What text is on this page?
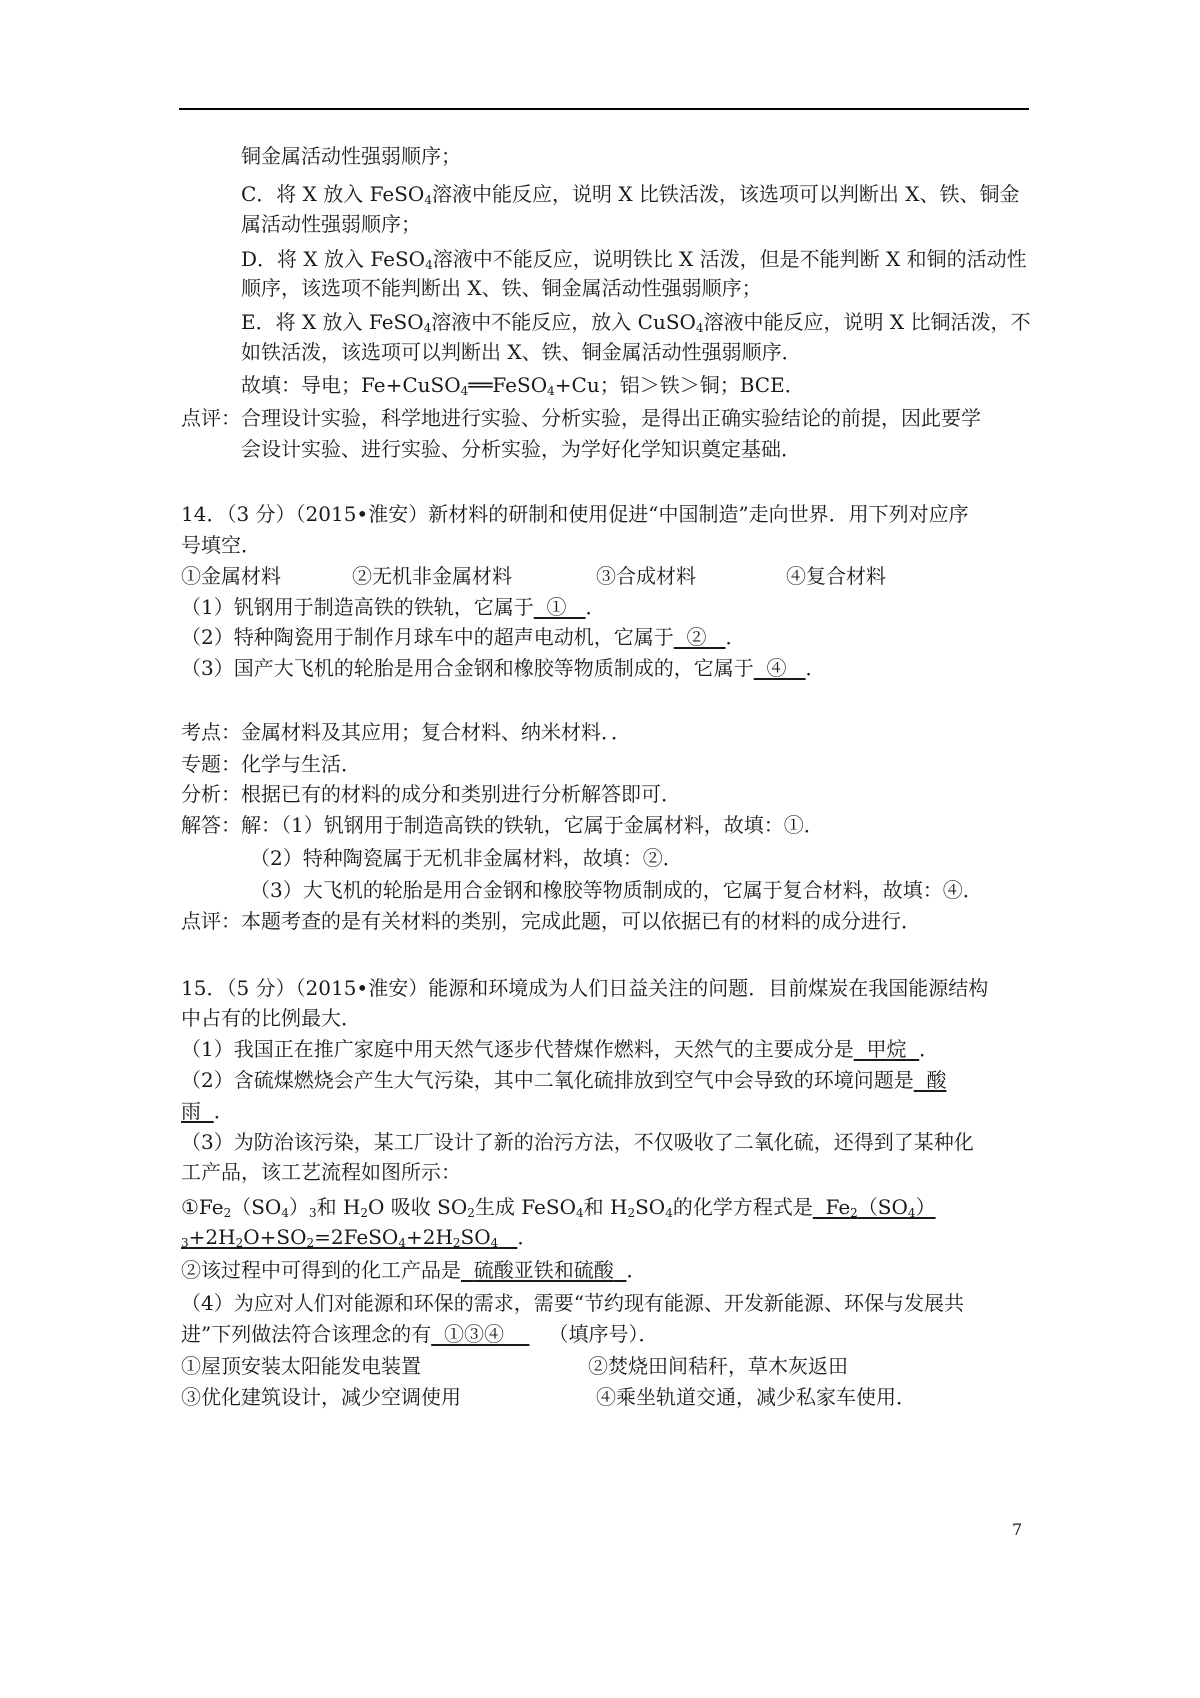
铜金属活动性强弱顺序；
C．将 X 放入 FeSO$_4$溶液中能反应，说明 X 比铁活泼，该选项可以判断出 X、铁、铜金
属活动性强弱顺序；
D．将 X 放入 FeSO$_4$溶液中不能反应，说明铁比 X 活泼，但是不能判断 X 和铜的活动性
顺序，该选项不能判断出 X、铁、铜金属活动性强弱顺序；
E．将 X 放入 FeSO$_4$溶液中不能反应，放入 CuSO$_4$溶液中能反应，说明 X 比铜活泼，不
如铁活泼，该选项可以判断出 X、铁、铜金属活动性强弱顺序．
故填：导电；Fe+CuSO$_4$══FeSO$_4$+Cu；铝＞铁＞铜；BCE．
点评：合理设计实验，科学地进行实验、分析实验，是得出正确实验结论的前提，因此要学
会设计实验、进行实验、分析实验，为学好化学知识奠定基础．
14．（3 分）（2015•淮安）新材料的研制和使用促进“中国制造”走向世界．用下列对应序
号填空．
①金属材料	②无机非金属材料	③合成材料	④复合材料
（1）钒钢用于制造高铁的铁轨，它属于 ① ．
（2）特种陶瓷用于制作月球车中的超声电动机，它属于 ② ．
（3）国产大飞机的轮胎是用合金钢和橡胶等物质制成的，它属于 ④ ．
考点：金属材料及其应用；复合材料、纳米材料．．
专题：化学与生活．
分析：根据已有的材料的成分和类别进行分析解答即可．
解答：解：（1）钒钢用于制造高铁的铁轨，它属于金属材料，故填：①．
（2）特种陶瓷属于无机非金属材料，故填：②．
（3）大飞机的轮胎是用合金钢和橡胶等物质制成的，它属于复合材料，故填：④．
点评：本题考查的是有关材料的类别，完成此题，可以依据已有的材料的成分进行．
15．（5 分）（2015•淮安）能源和环境成为人们日益关注的问题．目前煤炭在我国能源结构
中占有的比例最大．
（1）我国正在推广家庭中用天然气逐步代替煤作燃料，天然气的主要成分是 甲烷 ．
（2）含硫煤燃烧会产生大气污染，其中二氧化硫排放到空气中会导致的环境问题是 酸
雨 ．
（3）为防治该污染，某工厂设计了新的治污方法，不仅吸收了二氧化硫，还得到了某种化
工产品，该工艺流程如图所示：
$①Fe_2(SO_4)_3$和 $H_2O$ 吸收 $SO_2$生成 FeSO$_4$和 $H_2SO_4$的化学方程式是 $Fe_2(SO_4)$
$_3+2H_2O+SO_2=2FeSO_4+2H_2SO_4$ ．
②该过程中可得到的化工产品是 硫酸亚铁和硫酸 ．
（4）为应对人们对能源和环保的需求，需要“节约现有能源、开发新能源、环保与发展共
进”下列做法符合该理念的有 ①③④ （填序号）．
①屋顶安装太阳能发电装置	②焚烧田间秸秆，草木灰返田
③优化建筑设计，减少空调使用	④乘坐轨道交通，减少私家车使用．
7
